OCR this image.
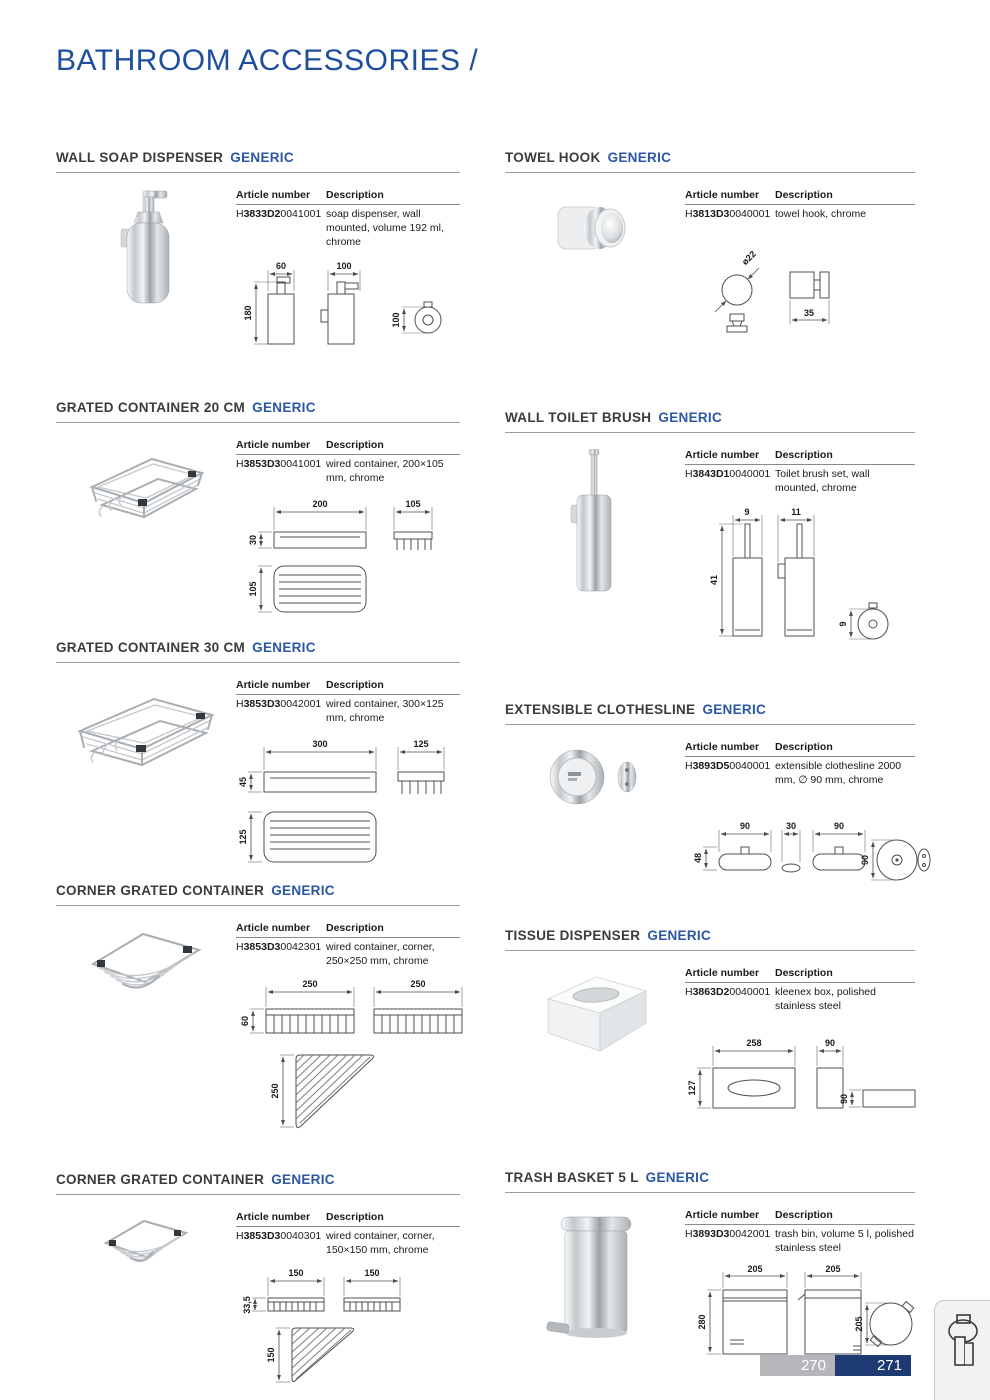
BATHROOM ACCESSORIES /
WALL SOAP DISPENSER GENERIC
Article number	Description
H3833D20041001 soap dispenser, wall mounted, volume 192 ml, chrome
60
180
100
100
TOWEL HOOK GENERIC
Article number	Description
H3813D30040001 towel hook, chrome
ø22
35
GRATED CONTAINER 20 CM GENERIC
Article number	Description
H3853D30041001 wired container, 200×105 mm, chrome
200
30
105
105
WALL TOILET BRUSH GENERIC
Article number	Description
H3843D10040001 Toilet brush set, wall mounted, chrome
9
41
11
9
GRATED CONTAINER 30 CM GENERIC
Article number	Description
H3853D30042001 wired container, 300×125 mm, chrome
300
45
125
125
EXTENSIBLE CLOTHESLINE GENERIC
Article number	Description
H3893D50040001 extensible clothesline 2000 mm, ∅ 90 mm, chrome
90
48
30	90
90
CORNER GRATED CONTAINER GENERIC
Article number	Description
H3853D30042301 wired container, corner, 250×250 mm, chrome
250
60
250
250
TISSUE DISPENSER GENERIC
Article number	Description
H3863D20040001 kleenex box, polished stainless steel
258
127
90
90
CORNER GRATED CONTAINER GENERIC
Article number	Description
H3853D30040301 wired container, corner, 150×150 mm, chrome
150
33,5
150
150
TRASH BASKET 5 L GENERIC
Article number	Description
H3893D30042001 trash bin, volume 5 l, polished stainless steel
205
280
205
205
270	271
